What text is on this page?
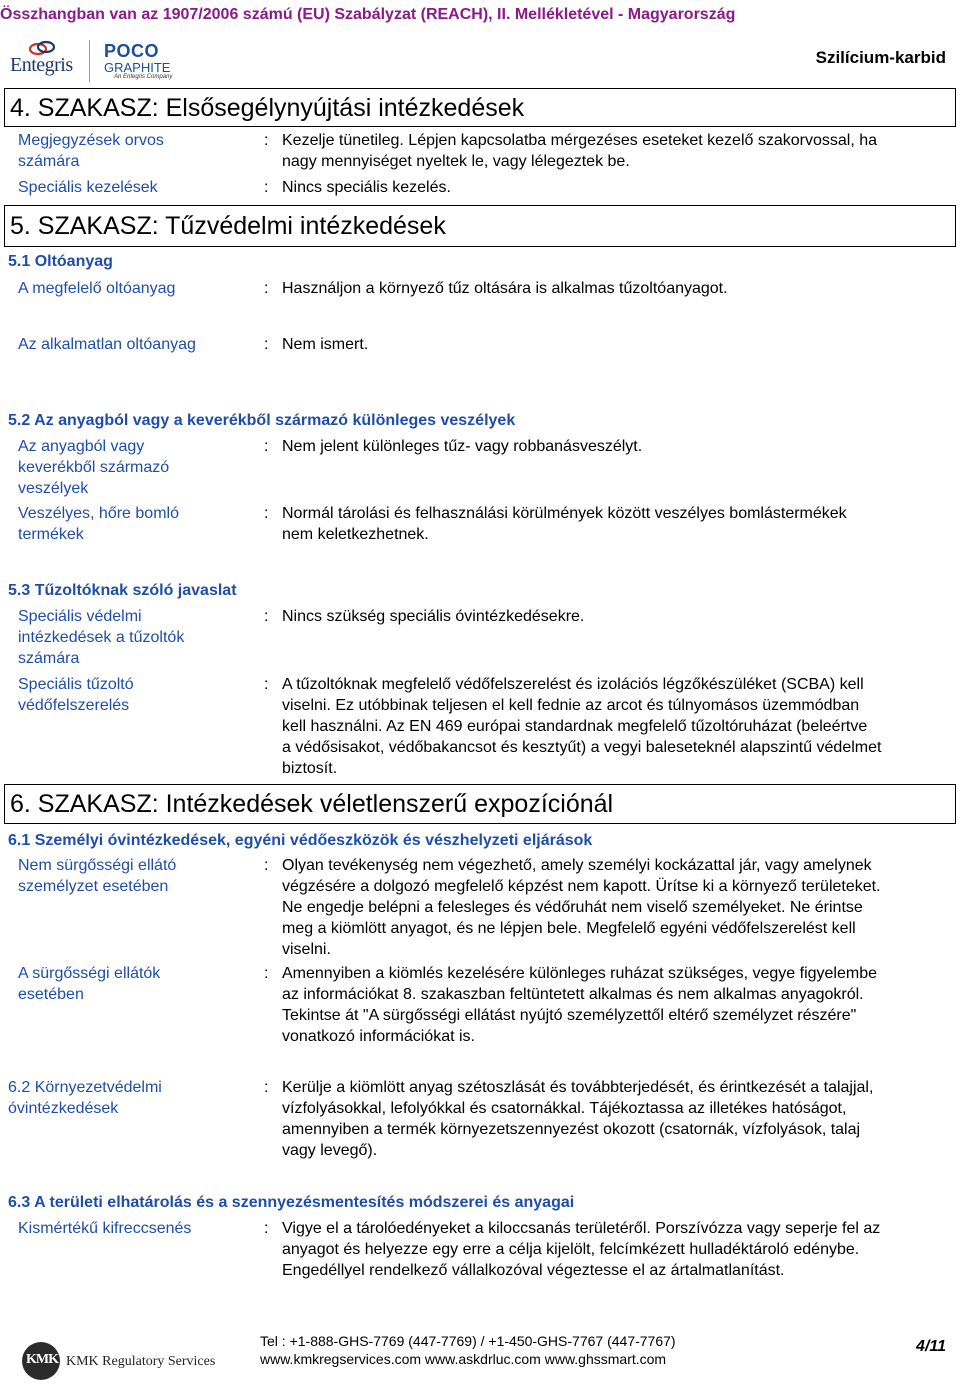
Összhangban van az 1907/2006 számú (EU) Szabályzat (REACH), II. Mellékletével - Magyarország
Entegris
POCO
GRAPHITE
An Entegris Company
Szilícium-karbid
4. SZAKASZ: Elsősegélynyújtási intézkedések
Megjegyzések orvos
számára
: Kezelje tünetileg. Lépjen kapcsolatba mérgezéses eseteket kezelő szakorvossal, ha
nagy mennyiséget nyeltek le, vagy lélegeztek be.
Speciális kezelések	: Nincs speciális kezelés.
5. SZAKASZ: Tűzvédelmi intézkedések
5.1 Oltóanyag
A megfelelő oltóanyag	: Használjon a környező tűz oltására is alkalmas tűzoltóanyagot.
Az alkalmatlan oltóanyag	: Nem ismert.
5.2 Az anyagból vagy a keverékből származó különleges veszélyek
Az anyagból vagy
keverékből származó
veszélyek
: Nem jelent különleges tűz- vagy robbanásveszélyt.
Veszélyes, hőre bomló
termékek
: Normál tárolási és felhasználási körülmények között veszélyes bomlástermékek
nem keletkezhetnek.
5.3 Tűzoltóknak szóló javaslat
Speciális védelmi
intézkedések a tűzoltók
számára
: Nincs szükség speciális óvintézkedésekre.
Speciális tűzoltó
védőfelszerelés
: A tűzoltóknak megfelelő védőfelszerelést és izolációs légzőkészüléket (SCBA) kell
viselni. Ez utóbbinak teljesen el kell fednie az arcot és túlnyomásos üzemmódban
kell használni. Az EN 469 európai standardnak megfelelő tűzoltóruházat (beleértve
a védősisakot, védőbakancsot és kesztyűt) a vegyi baleseteknél alapszintű védelmet
biztosít.
6. SZAKASZ: Intézkedések véletlenszerű expozíciónál
6.1 Személyi óvintézkedések, egyéni védőeszközök és vészhelyzeti eljárások
Nem sürgősségi ellátó
személyzet esetében
: Olyan tevékenység nem végezhető, amely személyi kockázattal jár, vagy amelynek
végzésére a dolgozó megfelelő képzést nem kapott. Ürítse ki a környező területeket.
Ne engedje belépni a felesleges és védőruhát nem viselő személyeket. Ne érintse
meg a kiömlött anyagot, és ne lépjen bele. Megfelelő egyéni védőfelszerelést kell
viselni.
A sürgősségi ellátók
esetében
: Amennyiben a kiömlés kezelésére különleges ruházat szükséges, vegye figyelembe
az információkat 8. szakaszban feltüntetett alkalmas és nem alkalmas anyagokról.
Tekintse át "A sürgősségi ellátást nyújtó személyzettől eltérő személyzet részére"
vonatkozó információkat is.
6.2 Környezetvédelmi
óvintézkedések
: Kerülje a kiömlött anyag szétoszlását és továbbterjedését, és érintkezését a talajjal,
vízfolyásokkal, lefolyókkal és csatornákkal. Tájékoztassa az illetékes hatóságot,
amennyiben a termék környezetszennyezést okozott (csatornák, vízfolyások, talaj
vagy levegő).
6.3 A területi elhatárolás és a szennyezésmentesítés módszerei és anyagai
Kismértékű kifreccsenés	: Vigye el a tárolóedényeket a kiloccsanás területéről. Porszívózza vagy seperje fel az
anyagot és helyezze egy erre a célja kijelölt, felcímkézett hulladéktároló edénybe.
Engedéllyel rendelkező vállalkozóval végeztesse el az ártalmatlanítást.
KMK KMK Regulatory Services
Tel : +1-888-GHS-7769 (447-7769) / +1-450-GHS-7767 (447-7767)
www.kmkregservices.com www.askdrluc.com www.ghssmart.com
4/11
